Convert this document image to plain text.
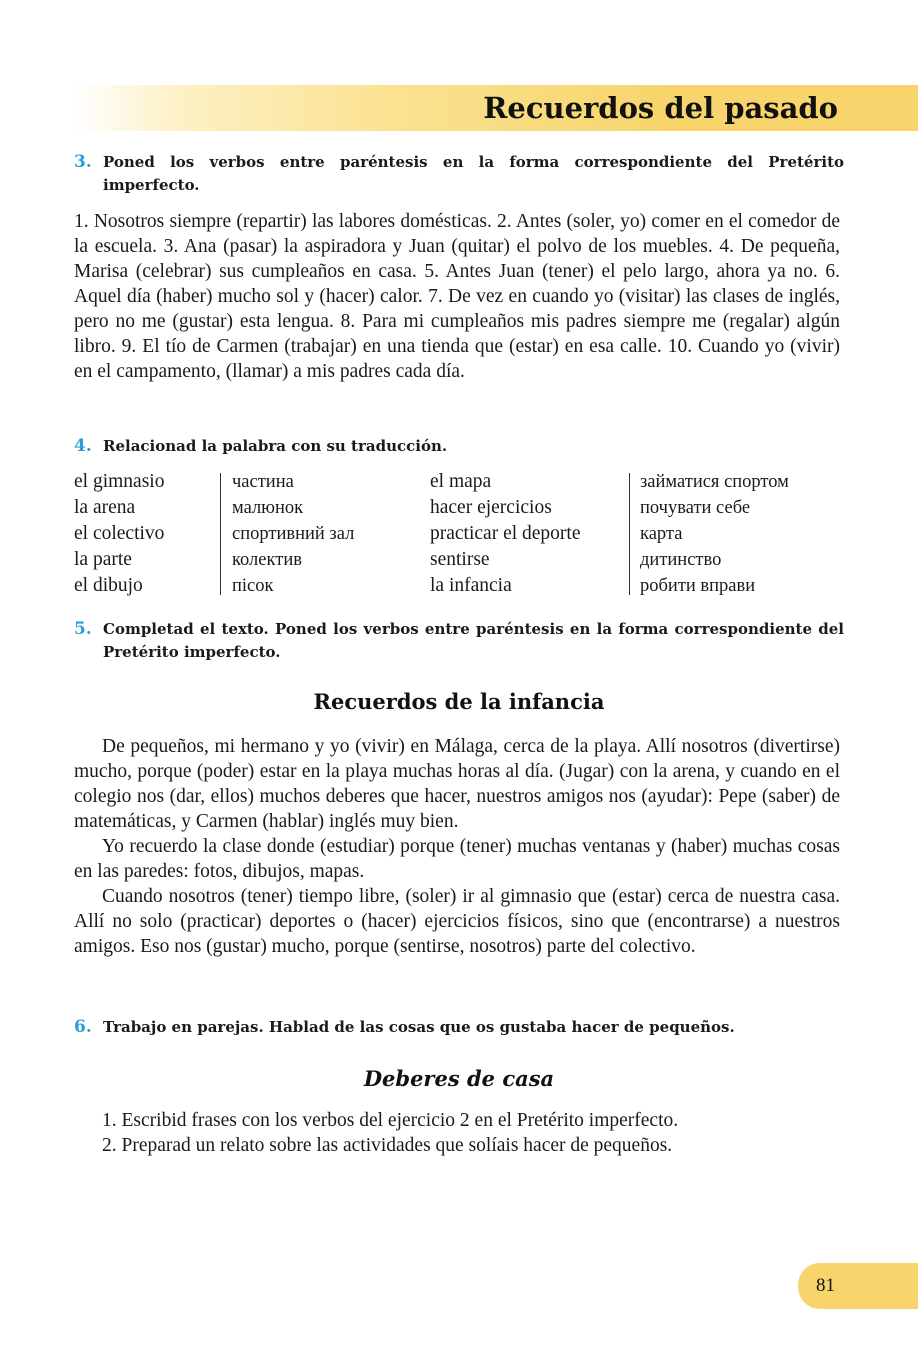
Recuerdos del pasado
3. Poned los verbos entre paréntesis en la forma correspondiente del Pretérito imperfecto.

1. Nosotros siempre (repartir) las labores domésticas. 2. Antes (soler, yo) comer en el comedor de la escuela. 3. Ana (pasar) la aspiradora y Juan (quitar) el polvo de los muebles. 4. De pequeña, Marisa (celebrar) sus cumpleaños en casa. 5. Antes Juan (tener) el pelo largo, ahora ya no. 6. Aquel día (haber) mucho sol y (hacer) calor. 7. De vez en cuando yo (visitar) las clases de inglés, pero no me (gustar) esta lengua. 8. Para mi cumpleaños mis padres siempre me (regalar) algún libro. 9. El tío de Carmen (trabajar) en una tienda que (estar) en esa calle. 10. Cuando yo (vivir) en el campamento, (llamar) a mis padres cada día.

4. Relacionad la palabra con su traducción.
el gimnasio
la arena
el colectivo
la parte
el dibujo
частина
малюнок
спортивний зал
колектив
пісок
el mapa
hacer ejercicios
practicar el deporte
sentirse
la infancia
займатися спортом
почувати себе
карта
дитинство
робити вправи
5. Completad el texto. Poned los verbos entre paréntesis en la forma correspondiente del Pretérito imperfecto.
Recuerdos de la infancia

De pequeños, mi hermano y yo (vivir) en Málaga, cerca de la playa. Allí nosotros (divertirse) mucho, porque (poder) estar en la playa muchas horas al día. (Jugar) con la arena, y cuando en el colegio nos (dar, ellos) muchos deberes que hacer, nuestros amigos nos (ayudar): Pepe (saber) de matemáticas, y Carmen (hablar) inglés muy bien.

Yo recuerdo la clase donde (estudiar) porque (tener) muchas ventanas y (haber) muchas cosas en las paredes: fotos, dibujos, mapas.

Cuando nosotros (tener) tiempo libre, (soler) ir al gimnasio que (estar) cerca de nuestra casa. Allí no solo (practicar) deportes o (hacer) ejercicios físicos, sino que (encontrarse) a nuestros amigos. Eso nos (gustar) mucho, porque (sentirse, nosotros) parte del colectivo.

6. Trabajo en parejas. Hablad de las cosas que os gustaba hacer de pequeños.
Deberes de casa
1. Escribid frases con los verbos del ejercicio 2 en el Pretérito imperfecto.
2. Preparad un relato sobre las actividades que solíais hacer de pequeños.
81
